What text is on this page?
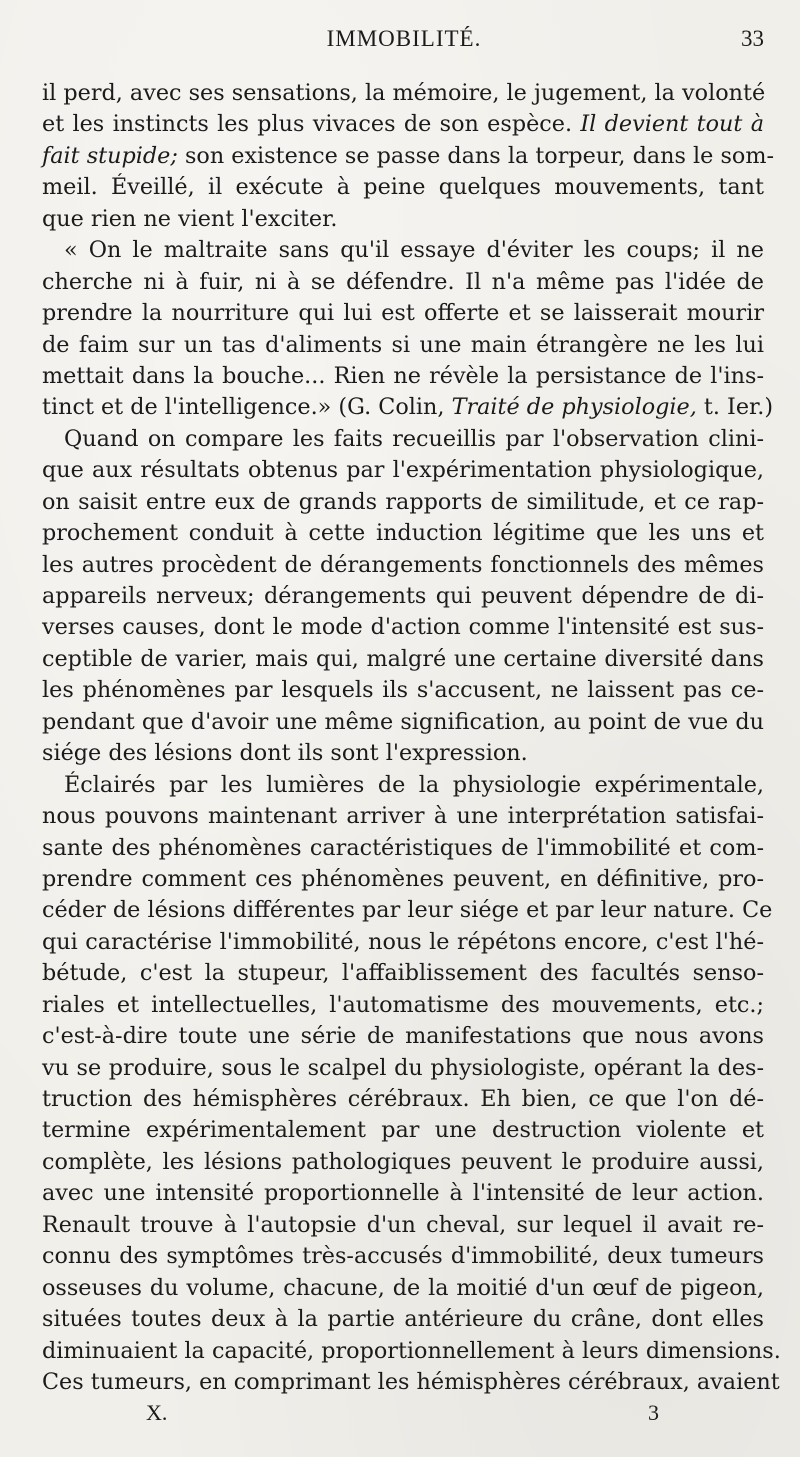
IMMOBILITÉ.	33
il perd, avec ses sensations, la mémoire, le jugement, la volonté
et les instincts les plus vivaces de son espèce. Il devient tout à
fait stupide; son existence se passe dans la torpeur, dans le som-
meil. Éveillé, il exécute à peine quelques mouvements, tant
que rien ne vient l'exciter.
« On le maltraite sans qu'il essaye d'éviter les coups; il ne
cherche ni à fuir, ni à se défendre. Il n'a même pas l'idée de
prendre la nourriture qui lui est offerte et se laisserait mourir
de faim sur un tas d'aliments si une main étrangère ne les lui
mettait dans la bouche... Rien ne révèle la persistance de l'ins-
tinct et de l'intelligence.» (G. Colin, Traité de physiologie, t. Ier.)
Quand on compare les faits recueillis par l'observation clini-
que aux résultats obtenus par l'expérimentation physiologique,
on saisit entre eux de grands rapports de similitude, et ce rap-
prochement conduit à cette induction légitime que les uns et
les autres procèdent de dérangements fonctionnels des mêmes
appareils nerveux; dérangements qui peuvent dépendre de di-
verses causes, dont le mode d'action comme l'intensité est sus-
ceptible de varier, mais qui, malgré une certaine diversité dans
les phénomènes par lesquels ils s'accusent, ne laissent pas ce-
pendant que d'avoir une même signification, au point de vue du
siége des lésions dont ils sont l'expression.
Éclairés par les lumières de la physiologie expérimentale,
nous pouvons maintenant arriver à une interprétation satisfai-
sante des phénomènes caractéristiques de l'immobilité et com-
prendre comment ces phénomènes peuvent, en définitive, pro-
céder de lésions différentes par leur siége et par leur nature. Ce
qui caractérise l'immobilité, nous le répétons encore, c'est l'hé-
bétude, c'est la stupeur, l'affaiblissement des facultés senso-
riales et intellectuelles, l'automatisme des mouvements, etc.;
c'est-à-dire toute une série de manifestations que nous avons
vu se produire, sous le scalpel du physiologiste, opérant la des-
truction des hémisphères cérébraux. Eh bien, ce que l'on dé-
termine expérimentalement par une destruction violente et
complète, les lésions pathologiques peuvent le produire aussi,
avec une intensité proportionnelle à l'intensité de leur action.
Renault trouve à l'autopsie d'un cheval, sur lequel il avait re-
connu des symptômes très-accusés d'immobilité, deux tumeurs
osseuses du volume, chacune, de la moitié d'un œuf de pigeon,
situées toutes deux à la partie antérieure du crâne, dont elles
diminuaient la capacité, proportionnellement à leurs dimensions.
Ces tumeurs, en comprimant les hémisphères cérébraux, avaient
X.	3
